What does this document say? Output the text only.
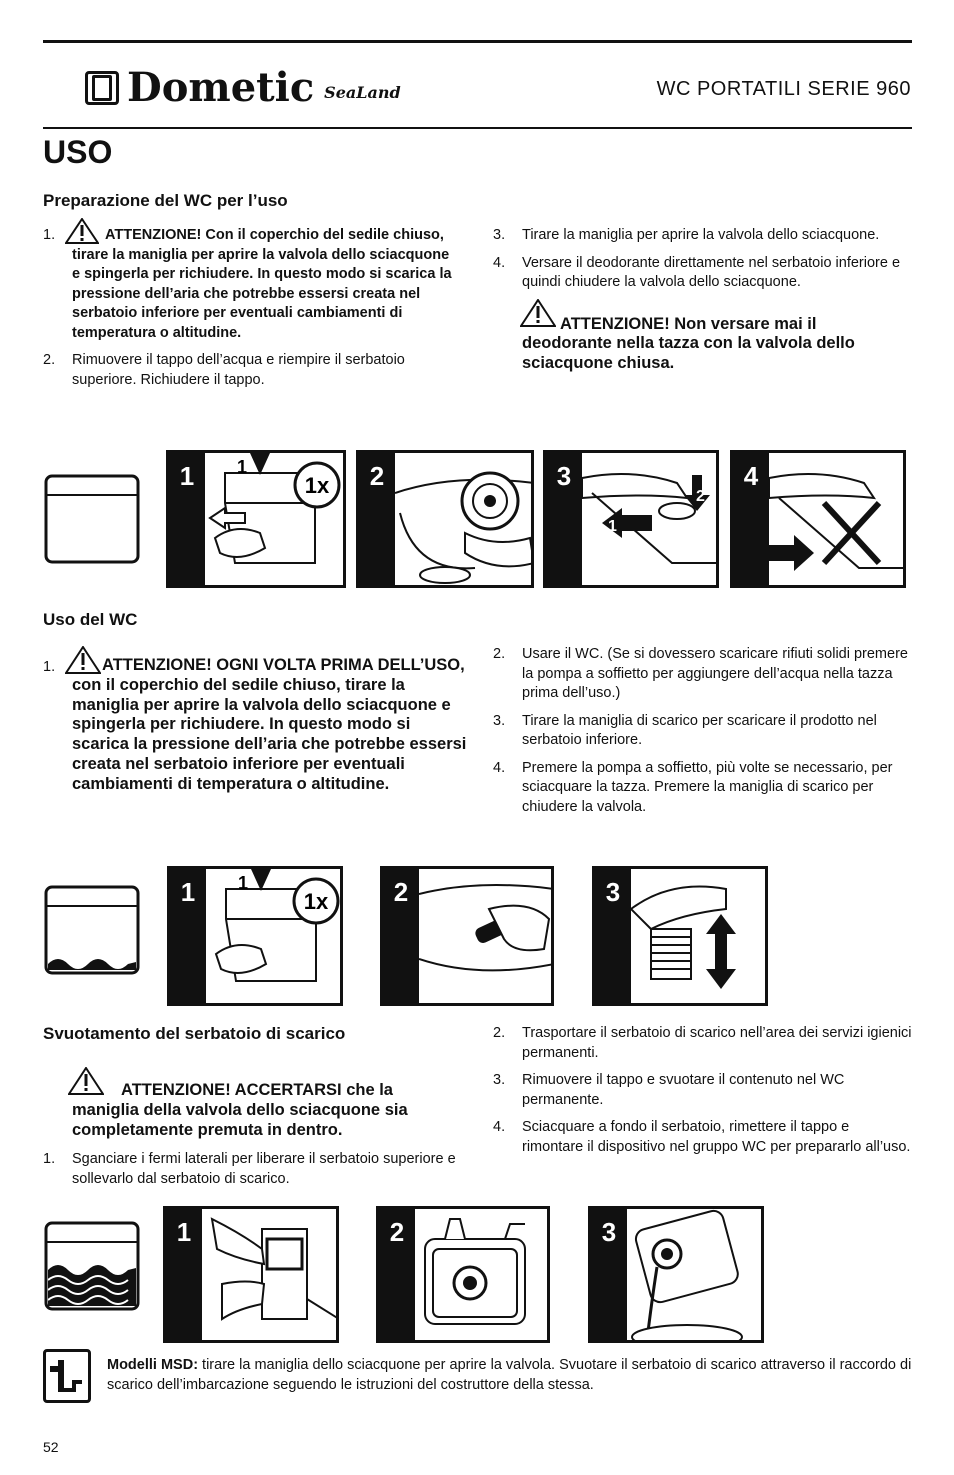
Dometic SeaLand	WC PORTATILI SERIE 960
USO
Preparazione del WC per l’uso
1.	ATTENZIONE! Con il coperchio del sedile chiuso, tirare la maniglia per aprire la valvola dello sciacquone e spingerla per richiudere. In questo modo si scarica la pressione dell’aria che potrebbe essersi creata nel serbatoio inferiore per eventuali cambiamenti di temperatura o altitudine.
2. Rimuovere il tappo dell’acqua e riempire il serbatoio superiore. Richiudere il tappo.
3. Tirare la maniglia per aprire la valvola dello sciacquone.
4. Versare il deodorante direttamente nel serbatoio inferiore e quindi chiudere la valvola dello sciacquone.
ATTENZIONE! Non versare mai il deodorante nella tazza con la valvola dello sciacquone chiusa.
1	1x
1	2	3
2
1
4
Uso del WC
1.	ATTENZIONE! OGNI VOLTA PRIMA DELL’USO, con il coperchio del sedile chiuso, tirare la maniglia per aprire la valvola dello sciacquone e spingerla per richiudere. In questo modo si scarica la pressione dell’aria che potrebbe essersi creata nel serbatoio inferiore per eventuali cambiamenti di temperatura o altitudine.
2. Usare il WC. (Se si dovessero scaricare rifiuti solidi premere la pompa a soffietto per aggiungere dell’acqua nella tazza prima dell’uso.)
3. Tirare la maniglia di scarico per scaricare il prodotto nel serbatoio inferiore.
4. Premere la pompa a soffietto, più volte se necessario, per sciacquare la tazza. Premere la maniglia di scarico per chiudere la valvola.
1	1x
1	2	3
Svuotamento del serbatoio di scarico
ATTENZIONE! ACCERTARSI che la maniglia della valvola dello sciacquone sia completamente premuta in dentro.
1. Sganciare i fermi laterali per liberare il serbatoio superiore e sollevarlo dal serbatoio di scarico.
2. Trasportare il serbatoio di scarico nell’area dei servizi igienici permanenti.
3. Rimuovere il tappo e svuotare il contenuto nel WC permanente.
4. Sciacquare a fondo il serbatoio, rimettere il tappo e rimontare il dispositivo nel gruppo WC per prepararlo all’uso.
1	2	3
Modelli MSD: tirare la maniglia dello sciacquone per aprire la valvola. Svuotare il serbatoio di scarico attraverso il raccordo di scarico dell’imbarcazione seguendo le istruzioni del costruttore della stessa.
52
